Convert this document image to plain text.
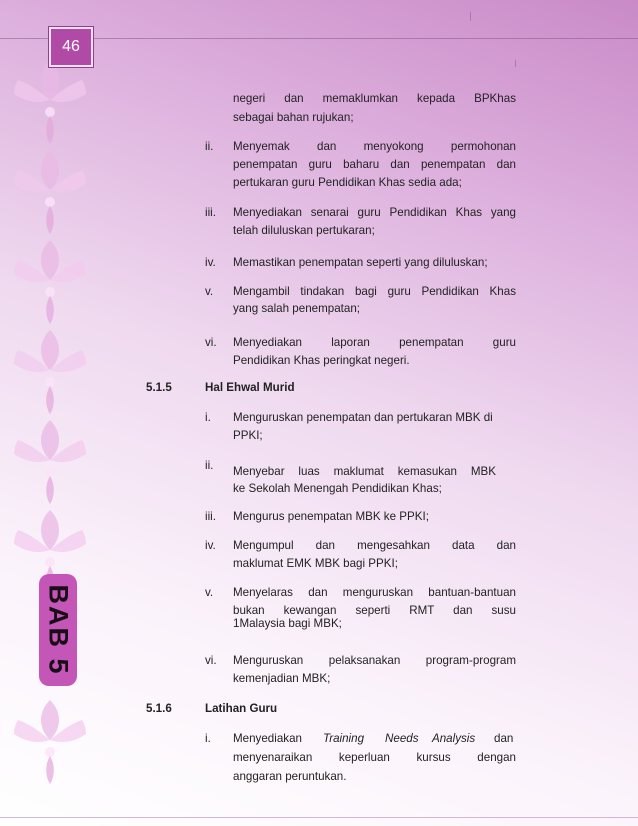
46
BAB 5
negeri dan memaklumkan kepada BPKhas
sebagai bahan rujukan;
ii. Menyemak dan menyokong permohonan
penempatan guru baharu dan penempatan dan
pertukaran guru Pendidikan Khas sedia ada;
iii. Menyediakan senarai guru Pendidikan Khas yang
telah diluluskan pertukaran;
iv. Memastikan penempatan seperti yang diluluskan;
v. Mengambil tindakan bagi guru Pendidikan Khas
yang salah penempatan;
vi. Menyediakan laporan penempatan guru
Pendidikan Khas peringkat negeri.
5.1.5	Hal Ehwal Murid
i. Menguruskan penempatan dan pertukaran MBK di
PPKI;
ii. Menyebar luas maklumat kemasukan MBK
ke Sekolah Menengah Pendidikan Khas;
iii. Mengurus penempatan MBK ke PPKI;
iv. Mengumpul dan mengesahkan data dan
maklumat EMK MBK bagi PPKI;
v. Menyelaras dan menguruskan bantuan-bantuan
bukan kewangan seperti RMT dan susu
1Malaysia bagi MBK;
vi. Menguruskan pelaksanakan program-program
kemenjadian MBK;
5.1.6	Latihan Guru
i. Menyediakan Training Needs Analysis dan
menyenaraikan keperluan kursus dengan
anggaran peruntukan.
